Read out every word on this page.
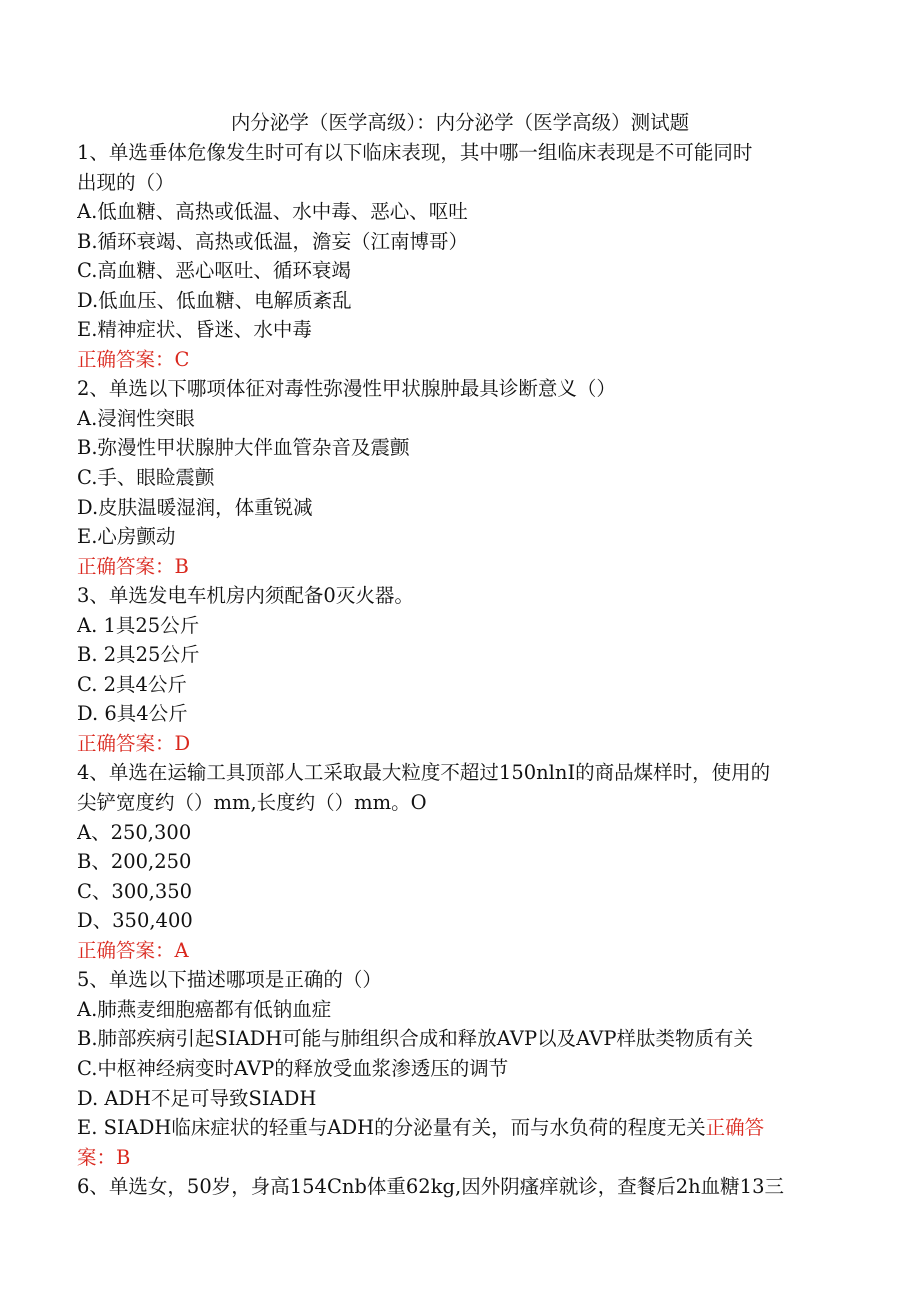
内分泌学（医学高级）：内分泌学（医学高级）测试题
1、单选垂体危像发生时可有以下临床表现，其中哪一组临床表现是不可能同时
出现的（）
A.低血糖、高热或低温、水中毒、恶心、呕吐
B.循环衰竭、高热或低温，澹妄（江南博哥）
C.高血糖、恶心呕吐、循环衰竭
D.低血压、低血糖、电解质紊乱
E.精神症状、昏迷、水中毒
正确答案：C
2、单选以下哪项体征对毒性弥漫性甲状腺肿最具诊断意义（）
A.浸润性突眼
B.弥漫性甲状腺肿大伴血管杂音及震颤
C.手、眼睑震颤
D.皮肤温暖湿润，体重锐减
E.心房颤动
正确答案：B
3、单选发电车机房内须配备0灭火器。
A. 1具25公斤
B. 2具25公斤
C. 2具4公斤
D. 6具4公斤
正确答案：D
4、单选在运输工具顶部人工采取最大粒度不超过150nlnI的商品煤样时，使用的
尖铲宽度约（）mm,长度约（）mm。O
A、250,300
B、200,250
C、300,350
D、350,400
正确答案：A
5、单选以下描述哪项是正确的（）
A.肺燕麦细胞癌都有低钠血症
B.肺部疾病引起SIADH可能与肺组织合成和释放AVP以及AVP样肽类物质有关
C.中枢神经病变时AVP的释放受血浆渗透压的调节
D. ADH不足可导致SIADH
E. SIADH临床症状的轻重与ADH的分泌量有关，而与水负荷的程度无关正确答
案：B
6、单选女，50岁，身高154Cnb体重62kg,因外阴瘙痒就诊，查餐后2h血糖13三
